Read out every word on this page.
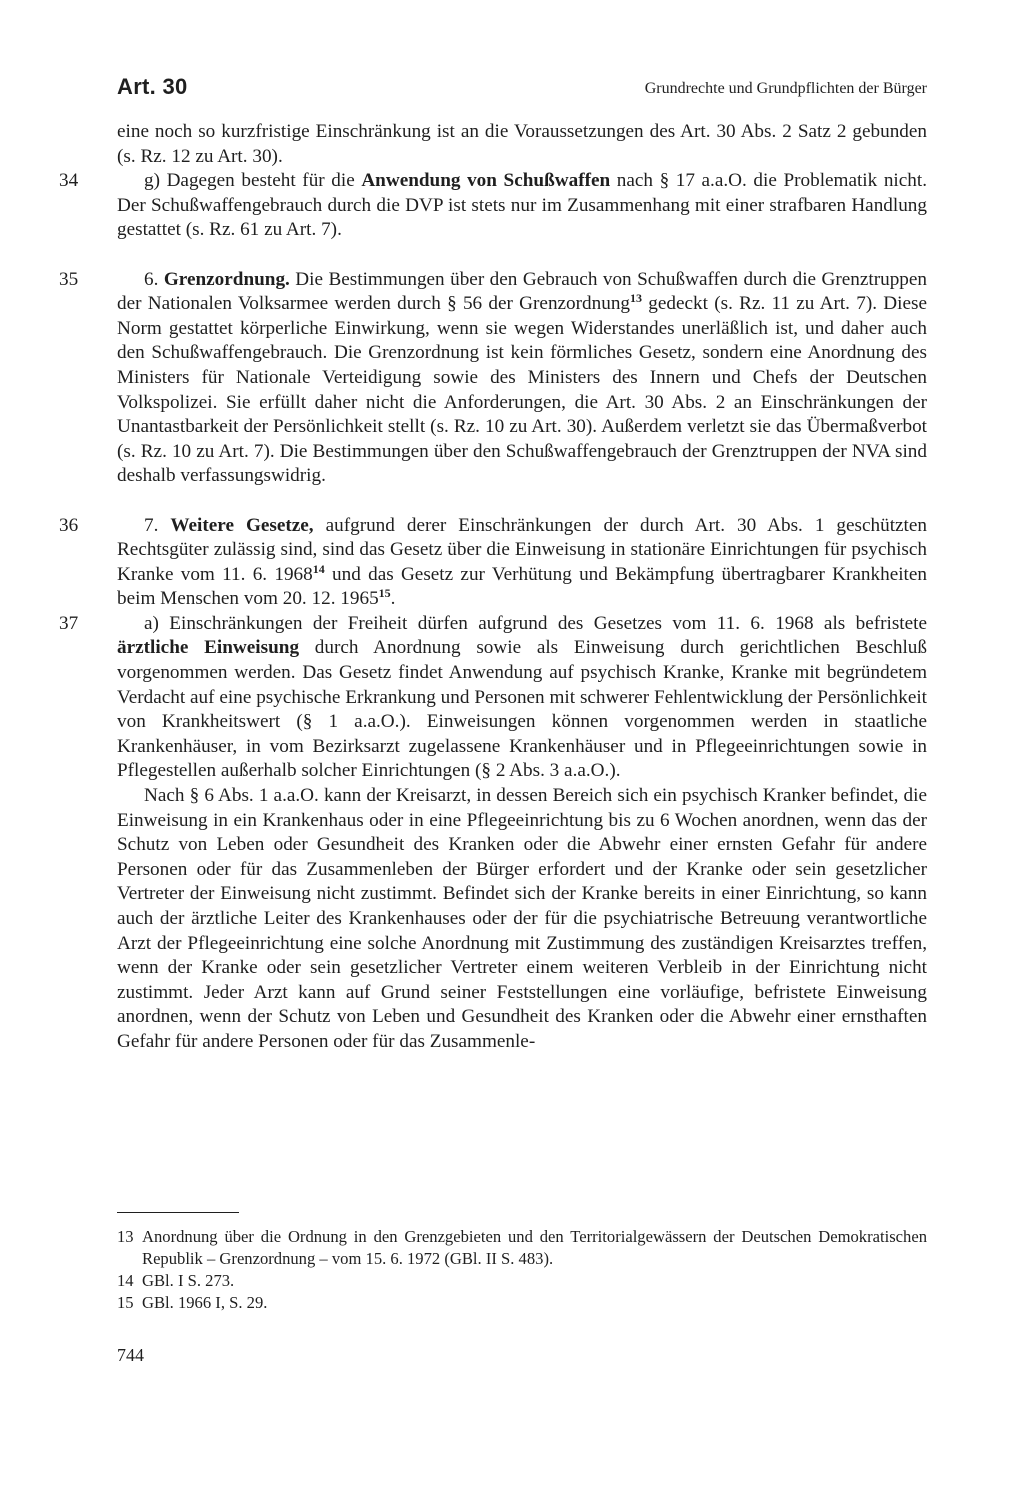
Art. 30	Grundrechte und Grundpflichten der Bürger

eine noch so kurzfristige Einschränkung ist an die Voraussetzungen des Art. 30 Abs. 2 Satz 2 gebunden (s. Rz. 12 zu Art. 30).

34	g) Dagegen besteht für die Anwendung von Schußwaffen nach § 17 a.a.O. die Problematik nicht. Der Schußwaffengebrauch durch die DVP ist stets nur im Zusammenhang mit einer strafbaren Handlung gestattet (s. Rz. 61 zu Art. 7).

35	6. Grenzordnung. Die Bestimmungen über den Gebrauch von Schußwaffen durch die Grenztruppen der Nationalen Volksarmee werden durch § 56 der Grenzordnung$^{13}$ gedeckt (s. Rz. 11 zu Art. 7). Diese Norm gestattet körperliche Einwirkung, wenn sie wegen Widerstandes unerläßlich ist, und daher auch den Schußwaffengebrauch. Die Grenzordnung ist kein förmliches Gesetz, sondern eine Anordnung des Ministers für Nationale Verteidigung sowie des Ministers des Innern und Chefs der Deutschen Volkspolizei. Sie erfüllt daher nicht die Anforderungen, die Art. 30 Abs. 2 an Einschränkungen der Unantastbarkeit der Persönlichkeit stellt (s. Rz. 10 zu Art. 30). Außerdem verletzt sie das Übermaßverbot (s. Rz. 10 zu Art. 7). Die Bestimmungen über den Schußwaffengebrauch der Grenztruppen der NVA sind deshalb verfassungswidrig.

36	7. Weitere Gesetze, aufgrund derer Einschränkungen der durch Art. 30 Abs. 1 geschützten Rechtsgüter zulässig sind, sind das Gesetz über die Einweisung in stationäre Einrichtungen für psychisch Kranke vom 11. 6. 1968$^{14}$ und das Gesetz zur Verhütung und Bekämpfung übertragbarer Krankheiten beim Menschen vom 20. 12. 1965$^{15}$.

37	a) Einschränkungen der Freiheit dürfen aufgrund des Gesetzes vom 11. 6. 1968 als befristete ärztliche Einweisung durch Anordnung sowie als Einweisung durch gerichtlichen Beschluß vorgenommen werden. Das Gesetz findet Anwendung auf psychisch Kranke, Kranke mit begründetem Verdacht auf eine psychische Erkrankung und Personen mit schwerer Fehlentwicklung der Persönlichkeit von Krankheitswert (§ 1 a.a.O.). Einweisungen können vorgenommen werden in staatliche Krankenhäuser, in vom Bezirksarzt zugelassene Krankenhäuser und in Pflegeeinrichtungen sowie in Pflegestellen außerhalb solcher Einrichtungen (§ 2 Abs. 3 a.a.O.).

Nach § 6 Abs. 1 a.a.O. kann der Kreisarzt, in dessen Bereich sich ein psychisch Kranker befindet, die Einweisung in ein Krankenhaus oder in eine Pflegeeinrichtung bis zu 6 Wochen anordnen, wenn das der Schutz von Leben oder Gesundheit des Kranken oder die Abwehr einer ernsten Gefahr für andere Personen oder für das Zusammenleben der Bürger erfordert und der Kranke oder sein gesetzlicher Vertreter der Einweisung nicht zustimmt. Befindet sich der Kranke bereits in einer Einrichtung, so kann auch der ärztliche Leiter des Krankenhauses oder der für die psychiatrische Betreuung verantwortliche Arzt der Pflegeeinrichtung eine solche Anordnung mit Zustimmung des zuständigen Kreisarztes treffen, wenn der Kranke oder sein gesetzlicher Vertreter einem weiteren Verbleib in der Einrichtung nicht zustimmt. Jeder Arzt kann auf Grund seiner Feststellungen eine vorläufige, befristete Einweisung anordnen, wenn der Schutz von Leben und Gesundheit des Kranken oder die Abwehr einer ernsthaften Gefahr für andere Personen oder für das Zusammenle-

13 Anordnung über die Ordnung in den Grenzgebieten und den Territorialgewässern der Deutschen Demokratischen Republik – Grenzordnung – vom 15. 6. 1972 (GBl. II S. 483).

14 GBl. I S. 273.

15 GBl. 1966 I, S. 29.

744
